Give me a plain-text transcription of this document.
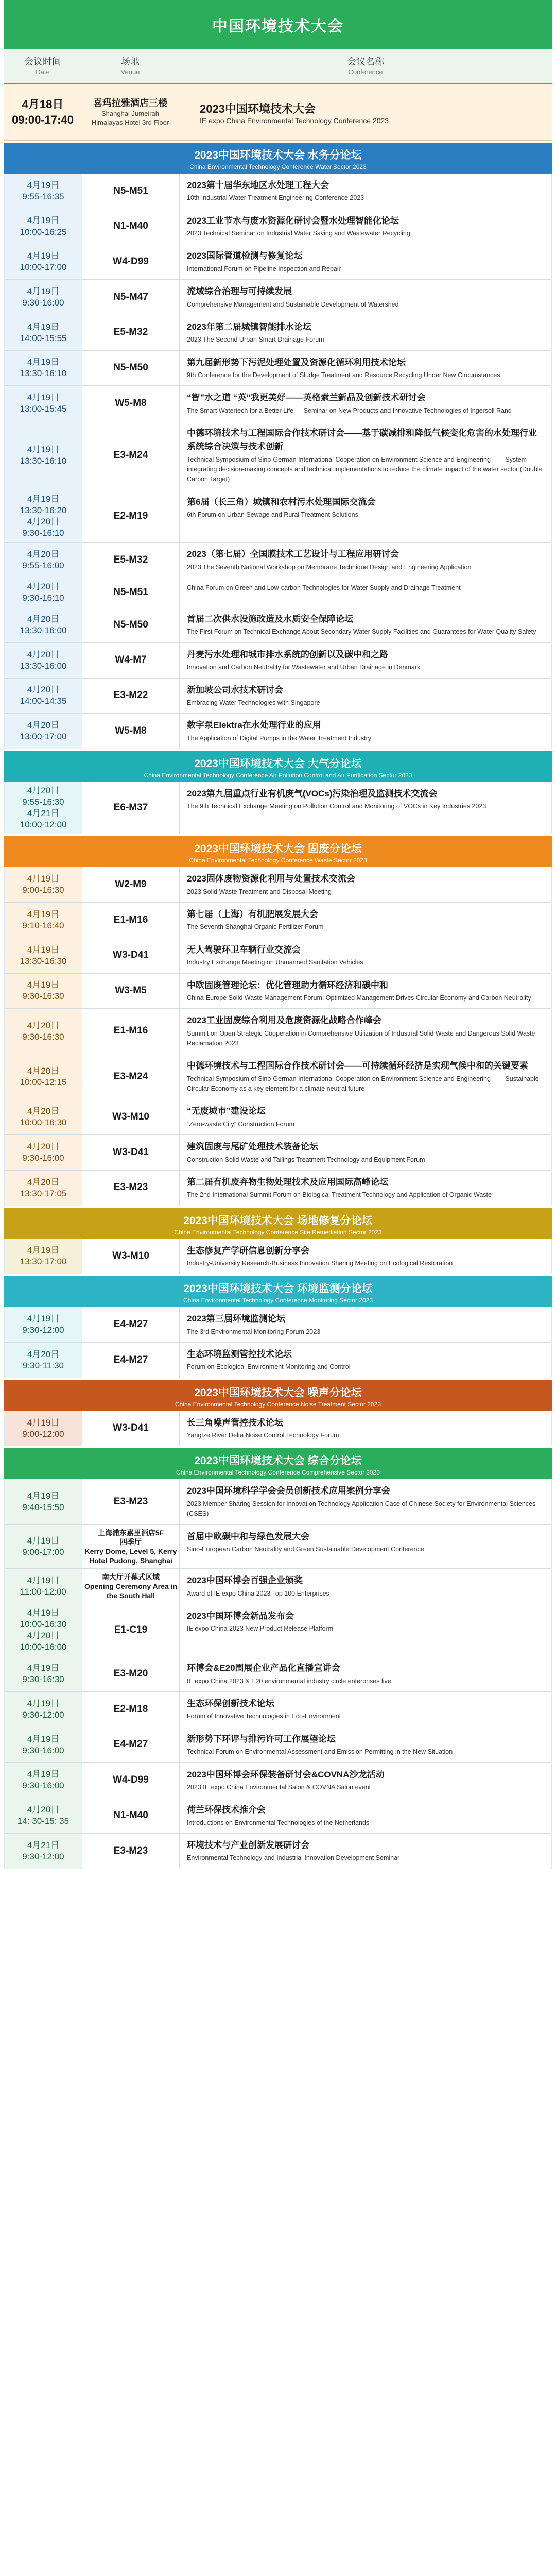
中国环境技术大会
会议时间
Date
场地
Venue
会议名称
Conference
4月18日
09:00-17:40
喜玛拉雅酒店三楼
Shanghai Jumeirah
Himalayas Hotel 3rd Floor
2023中国环境技术大会
IE expo China Environmental Technology Conference 2023
2023中国环境技术大会 水务分论坛
China Environmental Technology Conference Water Sector 2023
4月19日
9:55-16:35
N5-M51
2023第十届华东地区水处理工程大会
10th Industrial Water Treatment Engineering Conference 2023
4月19日
10:00-16:25
N1-M40
2023工业节水与废水资源化研讨会暨水处理智能化论坛
2023 Technical Seminar on Industrial Water Saving and Wastewater Recycling
4月19日
10:00-17:00
W4-D99
2023国际管道检测与修复论坛
International Forum on Pipeline Inspection and Repair
4月19日
9:30-16:00
N5-M47
流域综合治理与可持续发展
Comprehensive Management and Sustainable Development of Watershed
4月19日
14:00-15:55
E5-M32
2023年第二届城镇智能排水论坛
2023 The Second Urban Smart Drainage Forum
4月19日
13:30-16:10
N5-M50
第九届新形势下污泥处理处置及资源化循环利用技术论坛
9th Conference for the Development of Sludge Treatment and Resource Recycling Under New Circumstances
4月19日
13:00-15:45
W5-M8
“智”水之道 “英”我更美好——英格索兰新品及创新技术研讨会
The Smart Watertech for a Better Life — Seminar on New Products and Innovative Technologies of Ingersoll Rand
4月19日
13:30-16:10
E3-M24
中德环境技术与工程国际合作技术研讨会——基于碳减排和降低气候变化危害的水处理行业系统综合决策与技术创新
Technical Symposium of Sino-German International Cooperation on Environment Science and Engineering ——System-integrating decision-making concepts and technical implementations to reduce the climate impact of the water sector (Double Carbon Target)
4月19日
13:30-16:20
4月20日
9:30-16:10
E2-M19
第6届（长三角）城镇和农村污水处理国际交流会
6th Forum on Urban Sewage and Rural Treatment Solutions
4月20日
9:55-16:00
E5-M32
2023（第七届）全国膜技术工艺设计与工程应用研讨会
2023 The Seventh National Workshop on Membrane Technique Design and Engineering Application
4月20日
9:30-16:10
N5-M51	China Forum on Green and Low-carbon Technologies for Water Supply and Drainage Treatment
4月20日
13:30-16:00
N5-M50
首届二次供水设施改造及水质安全保障论坛
The First Forum on Technical Exchange About Secondary Water Supply Facilities and Guarantees for Water Quality Safety
4月20日
13:30-16:00
W4-M7
丹麦污水处理和城市排水系统的创新以及碳中和之路
Innovation and Carbon Neutrality for Wastewater and Urban Drainage in Denmark
4月20日
14:00-14:35
E3-M22
新加坡公司水技术研讨会
Embracing Water Technologies with Singapore
4月20日
13:00-17:00
W5-M8
数字泵Elektra在水处理行业的应用
The Application of Digital Pumps in the Water Treatment Industry
2023中国环境技术大会 大气分论坛
China Environmental Technology Conference Air Pollution Control and Air Purification Sector 2023
4月20日
9:55-16:30
4月21日
10:00-12:00
E6-M37
2023第九届重点行业有机废气(VOCs)污染治理及监测技术交流会
The 9th Technical Exchange Meeting on Pollution Control and Monitoring of VOCs in Key Industries 2023
2023中国环境技术大会 固废分论坛
China Environmental Technology Conference Waste Sector 2023
4月19日
9:00-16:30
W2-M9
2023固体废物资源化利用与处置技术交流会
2023 Solid Waste Treatment and Disposal Meeting
4月19日
9:10-16:40
E1-M16
第七届（上海）有机肥展发展大会
The Seventh Shanghai Organic Fertilizer Forum
4月19日
13:30-16:30
W3-D41
无人驾驶环卫车辆行业交流会
Industry Exchange Meeting on Unmanned Sanitation Vehicles
4月19日
9:30-16:30
W3-M5
中欧固废管理论坛：优化管理助力循环经济和碳中和
China-Europe Solid Waste Management Forum: Optimized Management Drives Circular Economy and Carbon Neutrality
4月20日
9:30-16:30
E1-M16
2023工业固废综合利用及危废资源化战略合作峰会
Summit on Open Strategic Cooperation in Comprehensive Utilization of Industrial Solid Waste and Dangerous Solid Waste Reclamation 2023
4月20日
10:00-12:15
E3-M24
中德环境技术与工程国际合作技术研讨会——可持续循环经济是实现气候中和的关键要素
Technical Symposium of Sino-German International Cooperation on Environment Science and Engineering ——Sustainable Circular Economy as a key element for a climate neutral future
4月20日
10:00-16:30
W3-M10
“无废城市”建设论坛
“Zero-waste City” Construction Forum
4月20日
9:30-16:00
W3-D41
建筑固废与尾矿处理技术装备论坛
Construction Solid Waste and Tailings Treatment Technology and Equipment Forum
4月20日
13:30-17:05
E3-M23
第二届有机废弃物生物处理技术及应用国际高峰论坛
The 2nd International Summit Forum on Biological Treatment Technology and Application of Organic Waste
2023中国环境技术大会 场地修复分论坛
China Environmental Technology Conference Site Remediation Sector 2023
4月19日
13:30-17:00
W3-M10
生态修复产学研信息创新分享会
Industry-University Research-Business Innovation Sharing Meeting on Ecological Restoration
2023中国环境技术大会 环境监测分论坛
China Environmental Technology Conference Monitoring Sector 2023
4月19日
9:30-12:00
E4-M27
2023第三届环境监测论坛
The 3rd Environmental Monitoring Forum 2023
4月20日
9:30-11:30
E4-M27
生态环境监测管控技术论坛
Forum on Ecological Environment Monitoring and Control
2023中国环境技术大会 噪声分论坛
China Environmental Technology Conference Noise Treatment Sector 2023
4月19日
9:00-12:00
W3-D41
长三角噪声管控技术论坛
Yangtze River Delta Noise Control Technology Forum
2023中国环境技术大会 综合分论坛
China Environmental Technology Conference Comprehensive Sector 2023
4月19日
9:40-15:50
E3-M23
2023中国环境科学学会会员创新技术应用案例分享会
2023 Member Sharing Session for Innovation Technology Application Case of Chinese Society for Environmental Sciences (CSES)
4月19日
9:00-17:00
上海浦东嘉里酒店5F
四季厅
Kerry Dome, Level 5, Kerry Hotel Pudong, Shanghai
首届中欧碳中和与绿色发展大会
Sino-European Carbon Neutrality and Green Sustainable Development Conference
4月19日
11:00-12:00
南大厅开幕式区域
Opening Ceremony Area in the South Hall
2023中国环博会百强企业颁奖
Award of IE expo China 2023 Top 100 Enterprises
4月19日
10:00-16:30
4月20日
10:00-16:00
E1-C19
2023中国环博会新品发布会
IE expo China 2023 New Product Release Platform
4月19日
9:30-16:30
E3-M20
环博会&E20围展企业产品化直播宣讲会
IE expo China 2023 & E20 environmental industry circle enterprises live
4月19日
9:30-12:00
E2-M18
生态环保创新技术论坛
Forum of Innovative Technologies in Eco-Environment
4月19日
9:30-16:00
E4-M27
新形势下环评与排污许可工作展望论坛
Technical Forum on Environmental Assessment and Emission Permitting in the New Situation
4月19日
9:30-16:00
W4-D99
2023中国环博会环保装备研讨会&COVNA沙龙活动
2023 IE expo China Environmental Salon & COVNA Salon event
4月20日
14: 30-15: 35
N1-M40
荷兰环保技术推介会
Introductions on Environmental Technologies of the Netherlands
4月21日
9:30-12:00
E3-M23
环境技术与产业创新发展研讨会
Environmental Technology and Industrial Innovation Development Seminar
